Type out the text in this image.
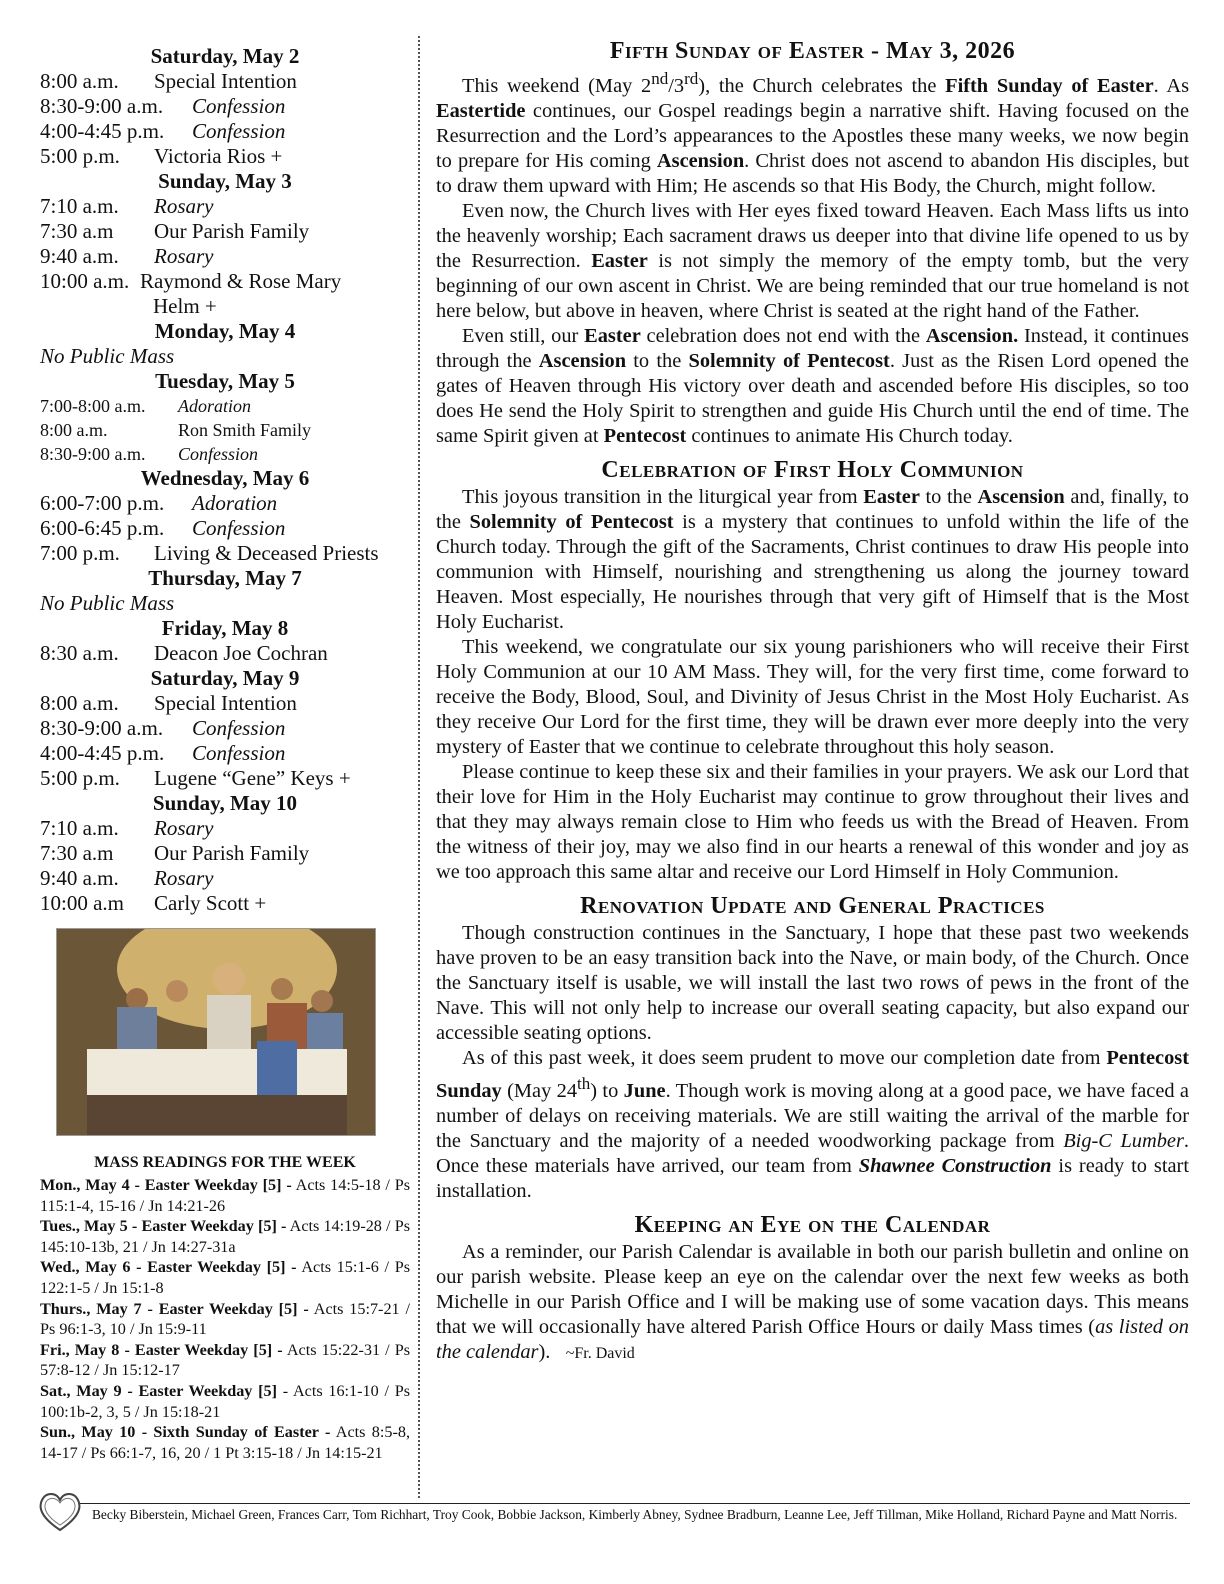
Saturday, May 2
8:00 a.m. Special Intention
8:30-9:00 a.m. Confession
4:00-4:45 p.m. Confession
5:00 p.m. Victoria Rios +
Sunday, May 3
7:10 a.m. Rosary
7:30 a.m Our Parish Family
9:40 a.m. Rosary
10:00 a.m. Raymond & Rose Mary
Helm +
Monday, May 4
No Public Mass
Tuesday, May 5
7:00-8:00 a.m. Adoration
8:00 a.m.	Ron Smith Family
8:30-9:00 a.m. Confession
Wednesday, May 6
6:00-7:00 p.m. Adoration
6:00-6:45 p.m. Confession
7:00 p.m. Living & Deceased Priests
Thursday, May 7
No Public Mass
Friday, May 8
8:30 a.m. Deacon Joe Cochran
Saturday, May 9
8:00 a.m. Special Intention
8:30-9:00 a.m. Confession
4:00-4:45 p.m. Confession
5:00 p.m. Lugene “Gene” Keys +
Sunday, May 10
7:10 a.m. Rosary
7:30 a.m Our Parish Family
9:40 a.m. Rosary
10:00 a.m Carly Scott +
MASS READINGS FOR THE WEEK
Mon., May 4 - Easter Weekday [5] - Acts 14:5-18 / Ps 115:1-4, 15-16 / Jn 14:21-26
Tues., May 5 - Easter Weekday [5] - Acts 14:19-28 / Ps 145:10-13b, 21 / Jn 14:27-31a
Wed., May 6 - Easter Weekday [5] - Acts 15:1-6 / Ps 122:1-5 / Jn 15:1-8
Thurs., May 7 - Easter Weekday [5] - Acts 15:7-21 / Ps 96:1-3, 10 / Jn 15:9-11
Fri., May 8 - Easter Weekday [5] - Acts 15:22-31 / Ps 57:8-12 / Jn 15:12-17
Sat., May 9 - Easter Weekday [5] - Acts 16:1-10 / Ps 100:1b-2, 3, 5 / Jn 15:18-21
Sun., May 10 - Sixth Sunday of Easter - Acts 8:5-8, 14-17 / Ps 66:1-7, 16, 20 / 1 Pt 3:15-18 / Jn 14:15-21
Fifth Sunday of Easter - May 3, 2026

This weekend (May 2nd/3rd), the Church celebrates the Fifth Sunday of Easter. As Eastertide continues, our Gospel readings begin a narrative shift. Having focused on the Resurrection and the Lord’s appearances to the Apostles these many weeks, we now begin to prepare for His coming Ascension. Christ does not ascend to abandon His disciples, but to draw them upward with Him; He ascends so that His Body, the Church, might follow.

Even now, the Church lives with Her eyes fixed toward Heaven. Each Mass lifts us into the heavenly worship; Each sacrament draws us deeper into that divine life opened to us by the Resurrection. Easter is not simply the memory of the empty tomb, but the very beginning of our own ascent in Christ. We are being reminded that our true homeland is not here below, but above in heaven, where Christ is seated at the right hand of the Father.

Even still, our Easter celebration does not end with the Ascension. Instead, it continues through the Ascension to the Solemnity of Pentecost. Just as the Risen Lord opened the gates of Heaven through His victory over death and ascended before His disciples, so too does He send the Holy Spirit to strengthen and guide His Church until the end of time. The same Spirit given at Pentecost continues to animate His Church today.

Celebration of First Holy Communion

This joyous transition in the liturgical year from Easter to the Ascension and, finally, to the Solemnity of Pentecost is a mystery that continues to unfold within the life of the Church today. Through the gift of the Sacraments, Christ continues to draw His people into communion with Himself, nourishing and strengthening us along the journey toward Heaven. Most especially, He nourishes through that very gift of Himself that is the Most Holy Eucharist.

This weekend, we congratulate our six young parishioners who will receive their First Holy Communion at our 10 AM Mass. They will, for the very first time, come forward to receive the Body, Blood, Soul, and Divinity of Jesus Christ in the Most Holy Eucharist. As they receive Our Lord for the first time, they will be drawn ever more deeply into the very mystery of Easter that we continue to celebrate throughout this holy season.

Please continue to keep these six and their families in your prayers. We ask our Lord that their love for Him in the Holy Eucharist may continue to grow throughout their lives and that they may always remain close to Him who feeds us with the Bread of Heaven. From the witness of their joy, may we also find in our hearts a renewal of this wonder and joy as we too approach this same altar and receive our Lord Himself in Holy Communion.

Renovation Update and General Practices

Though construction continues in the Sanctuary, I hope that these past two weekends have proven to be an easy transition back into the Nave, or main body, of the Church. Once the Sanctuary itself is usable, we will install the last two rows of pews in the front of the Nave. This will not only help to increase our overall seating capacity, but also expand our accessible seating options.

As of this past week, it does seem prudent to move our completion date from Pentecost Sunday (May 24th) to June. Though work is moving along at a good pace, we have faced a number of delays on receiving materials. We are still waiting the arrival of the marble for the Sanctuary and the majority of a needed woodworking package from Big-C Lumber. Once these materials have arrived, our team from Shawnee Construction is ready to start installation.

Keeping an Eye on the Calendar

As a reminder, our Parish Calendar is available in both our parish bulletin and online on our parish website. Please keep an eye on the calendar over the next few weeks as both Michelle in our Parish Office and I will be making use of some vacation days. This means that we will occasionally have altered Parish Office Hours or daily Mass times (as listed on the calendar).   ~Fr. David

Becky Biberstein, Michael Green, Frances Carr, Tom Richhart, Troy Cook, Bobbie Jackson, Kimberly Abney, Sydnee Bradburn, Leanne Lee, Jeff Tillman, Mike Holland, Richard Payne and Matt Norris.
